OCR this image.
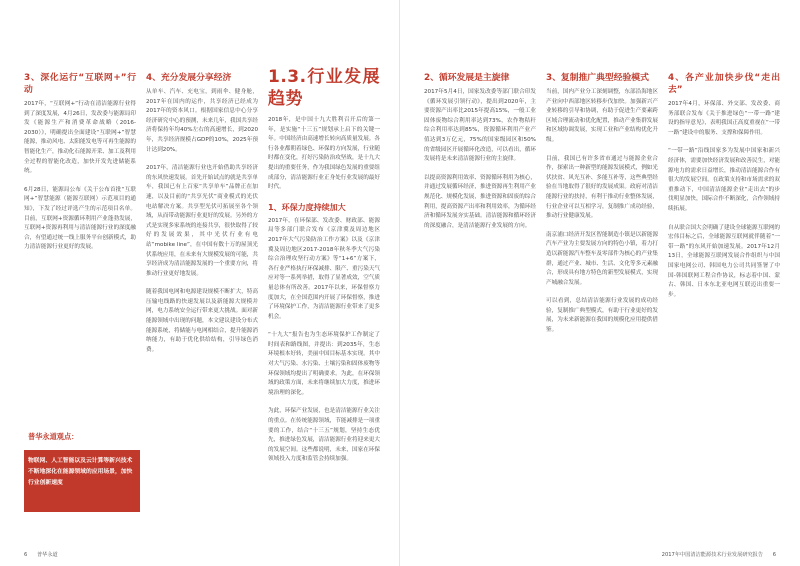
3、深化运行“互联网+”行动

2017年，“互联网+”行动在清洁能源行业得到了深度发展，4月26日，发改委与能源局印发《能源生产和消费革命战略（2016-2030）》，明确提出全面建设“互联网+”智慧能源，推动风电、太阳能发电等可再生能源的智能化生产，推动化石能源开采、加工及利用全过程的智能化改造，加快开发先进储能系统。

6月28日，能源局公布《关于公布首批“互联网+”智慧能源（能源互联网）示范项目的通知》，下发了经过评选产生的示范项目名单。目前，互联网+资源循环利用产业蓬勃发展，互联网+资源再利用与清洁能源行业的深度融合，有望通过统一线上服务平台创新模式，助力清洁能源行业更好的发展。

4、充分发展分享经济

从单车、汽车、充电宝，到雨伞、健身舱，2017年在国内的运作，共享经济已经成为2017年的资本风口。根据国家信息中心分享经济研究中心的预测，未来几年，我国共享经济将保持年均40%左右的高速增长，到2020年，共享经济规模占GDP的10%，2025年预计达到20%。

2017年，清洁能源行业也开始借助共享经济的东风快速发展。首先开始试点的就是共享单车，我国已有上百家“共享单车”品牌正在加速，以及目前的“共享光伏”商业模式的光伏电站解决方案。共享型光伏可拓展至各个领域，从而带动能源行业更好的发展。另外的方式是实现多家系统的连接共享，很快取得了较好的发展效果，其中光伏行业有电站“mobike line”，在中国有数十万的屋顶光伏系统应用，在未来有大规模发展的可能，共享经济成为清洁能源发展的一个重要方向，将推动行业更好地发展。

随着我国电网和电源建设规模不断扩大，特高压输电线路的快速发展以及新能源大规模并网，电力系统安全运行带来更大挑战。面对新能源领域中出现的问题，本文建议建设分布式能源系统，将储能与电网相结合，提升能源消纳能力，有助于优化供给结构，引导绿色消费。

1.3.行业发展趋势

2018年，是中国十九大胜利召开后的第一年，是实施“十三五”规划承上启下的关键一年。中国经济由高速增长转向高质量发展。各行各业都朝着绿色、环保的方向发展，行业随时都在变化，打好污染防治攻坚战，是十九大提出的重要任务，作为我国绿色发展的重要组成部分，清洁能源行业正身处行业发展的最好时代。

1、环保力度持续加大

2017年，在环保部、发改委、财政部、能源局等多部门联合发布《京津冀及周边地区2017年大气污染防治工作方案》以及《京津冀及周边地区2017-2018年秋冬季大气污染综合治理攻坚行动方案》等“1+6”方案下，各行业严格执行环保减排、限产、重污染天气应对等一系列举措，取得了显著成效，空气质量总体有所改善。2017年以来，环保督察力度加大，在全国范围内开展了环保督察，推进了环境保护工作，为清洁能源行业带来了更多机会。

“十九大”报告也为生态环境保护工作制定了时间表和路线图，并提出：到2035年，生态环境根本好转，美丽中国目标基本实现。其中对大气污染、水污染、土壤污染和固体废物等环保领域均提出了明确要求。为此，在环保领域的政策方面，未来将继续加大力度，推进环境治理的深化。

为此，环保产业发展，也是清洁能源行业关注的重点。在传统能源领域，节能减排是一项重要的工作，结合“十三五”规划，坚持生态优先，推进绿色发展，清洁能源行业将迎来更大的发展空间。这些都说明，未来，国家在环保领域投入力度和监管会持续加强。

普华永道观点：
物联网、人工智能以及云计算等新兴技术不断地深化在能源领域的应用场景，加快行业创新速度
6 普华永道
2、循环发展是主旋律

2017年5月4日，国家发改委等部门联合印发《循环发展引领行动》，提出到2020年，主要资源产出率比2015年提高15%，一般工业固体废物综合利用率达到73%，农作物秸秆综合利用率达到85%，资源循环利用产业产值达到3万亿元，75%的国家级园区和50%的省级园区开展循环化改造，可以看出，循环发展将是未来清洁能源行业的主旋律。

以提高资源利用效率、资源循环利用为核心，并通过发展循环经济，推进资源再生利用产业规范化、规模化发展，推进资源和固废的综合利用，提高资源产出率和利用效率，为循环经济和循环发展夯实基础。清洁能源和循环经济的深度融合，是清洁能源行业发展的方向。

3、复制推广典型经验模式

当前，国内产业分工深刻调整，东部沿海地区产业向中西部地区转移步伐加快。加强新兴产业转移的引导和协调，有助于促进生产要素跨区域合理流动和优化配置，推动产业集群发展和区域协调发展，实现工业和产业结构优化升级。

目前，我国已有许多省市通过与能源企业合作，探索出一种新型的能源发展模式，例如光伏扶贫、风光互补、多能互补等，这些典型经验在当地取得了很好的发展成果。政府对清洁能源行业的扶持，有利于推动行业整体发展，行业企业可以互相学习，复制推广成功经验，推动行业健康发展。

南京浦口经济开发区智能制造小镇是以新能源汽车产业为主要发展方向的特色小镇，着力打造以新能源汽车整车及零部件为核心的产业集群，通过产业、城市、生活、文化等多元素融合，形成具有地方特色的新型发展模式，实现产城融合发展。

可以看到，总结清洁能源行业发展的成功经验，复制推广典型模式，有助于行业更好的发展，为未来新能源在我国的规模化应用提供借鉴。

4、各产业加快步伐“走出去”

2017年4月，环保部、外交部、发改委、商务部联合发布《关于推进绿色“一带一路”建设的指导意见》，表明我国正高度重视在“一带一路”建设中的服务、支撑和保障作用。

“一带一路”沿线国家多为发展中国家和新兴经济体，需要加快经济发展和改善民生，对能源电力的需求日益增长，推动清洁能源合作有很大的发展空间。在政策支持和市场需求的双重推动下，中国清洁能源企业“走出去”的步伐明显加快，国际合作不断深化，合作领域持续拓展。

自从联合国大会明确了建设全球能源互联网的宏伟目标之后，全球能源互联网就伴随着“一带一路”的东风开始加速发展。2017年12月13日，全球能源互联网发展合作组织与中国国家电网公司、韩国电力公司共同签署了中国-韩国联网工程合作协议，标志着中国、蒙古、韩国、日本东北亚电网互联迈出重要一步。

2017年中国清洁能源技术行业发展研究报告 6
